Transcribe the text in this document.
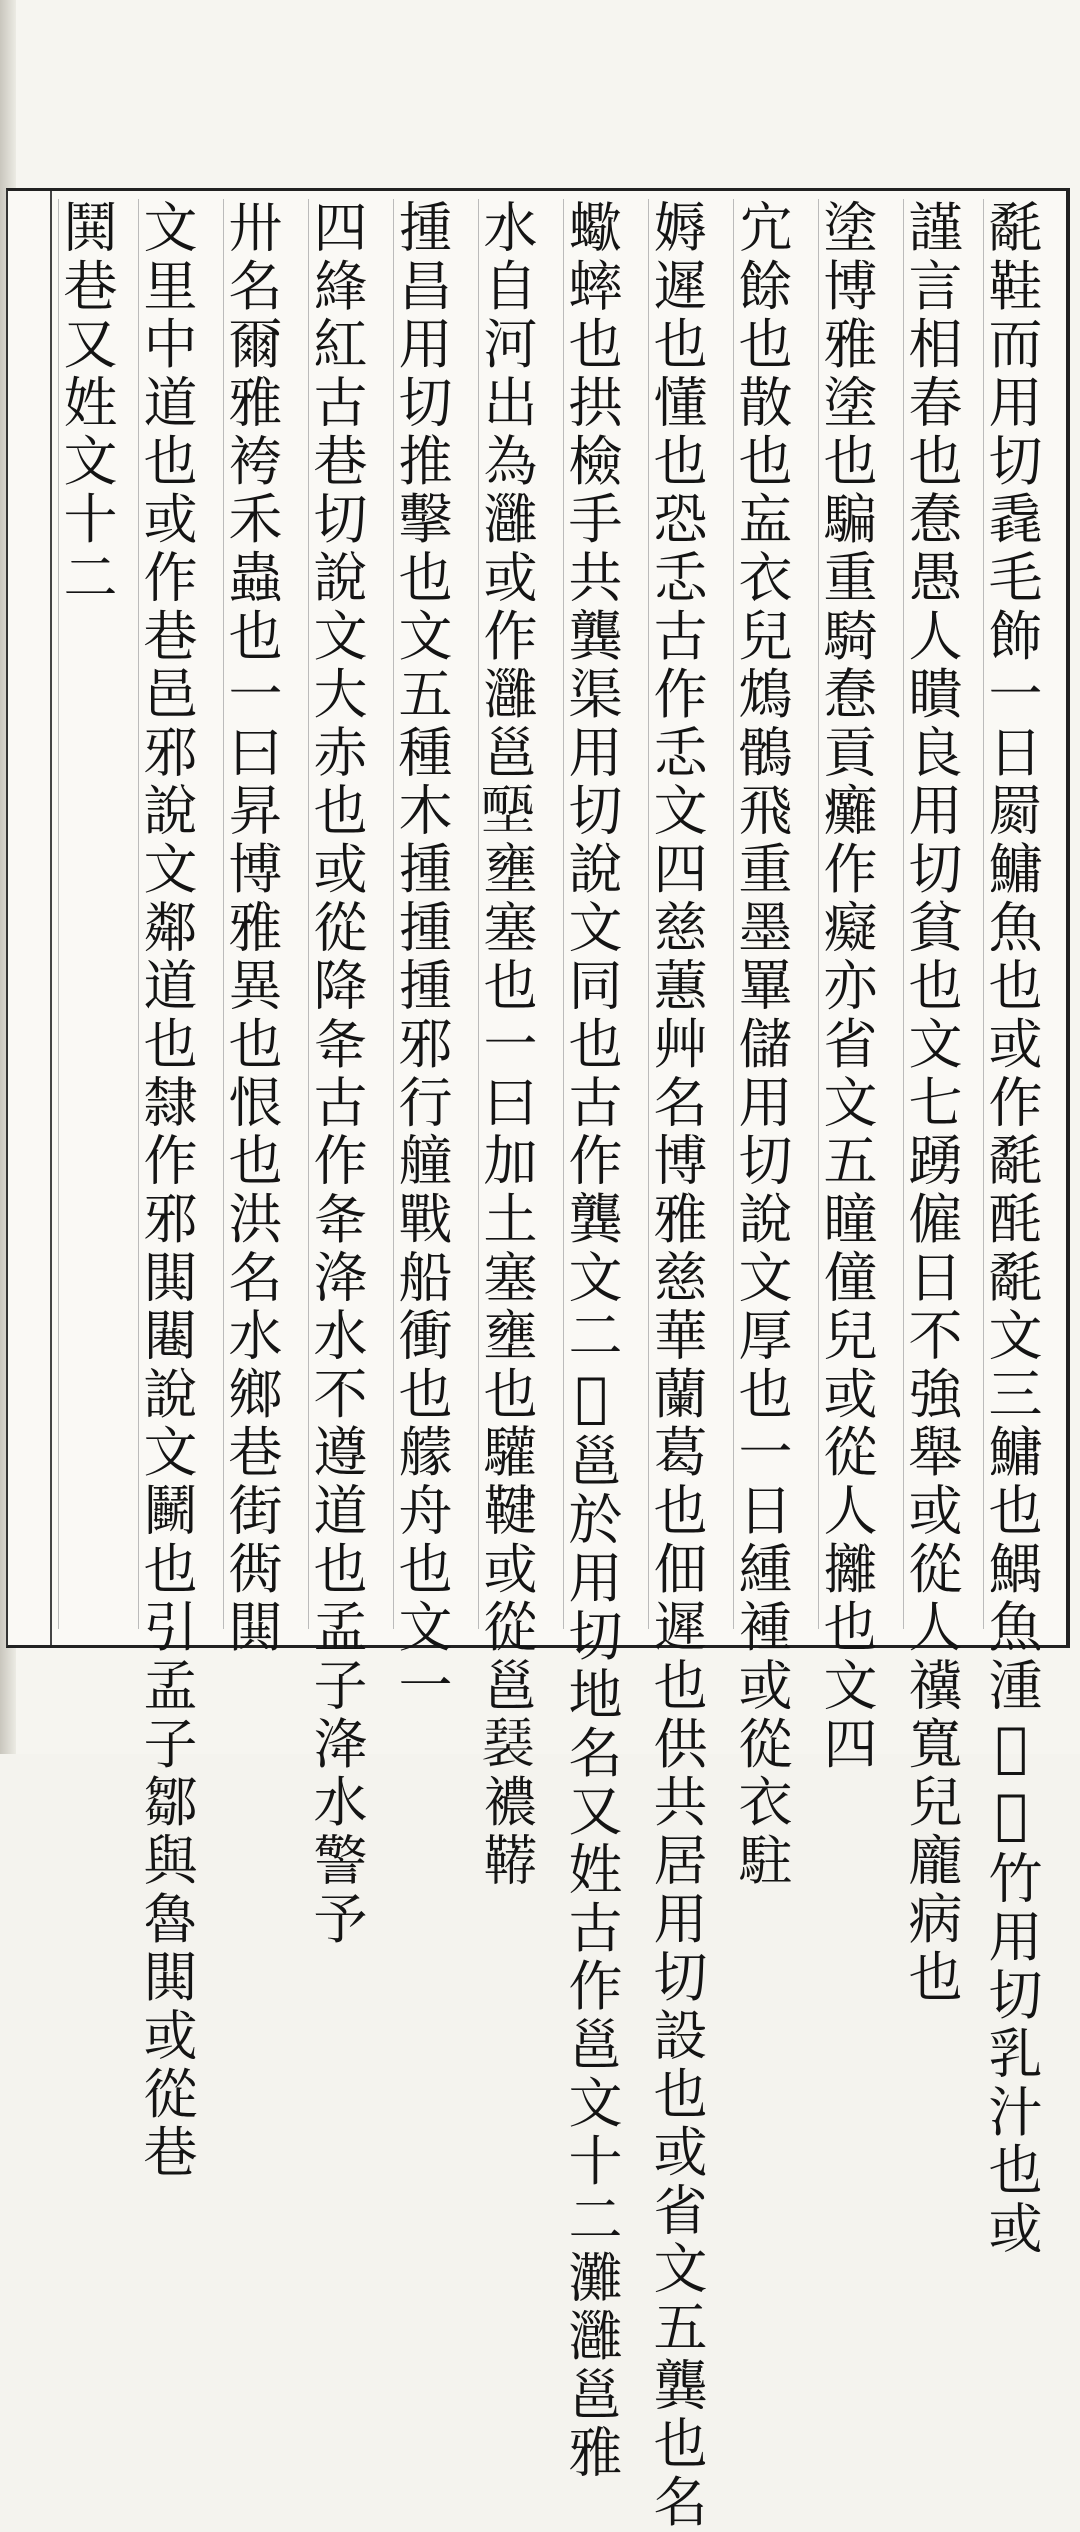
氄鞋而用切毳毛飾一日罽鱅魚也或作氄酕氄文三鱅也鰅魚湩𩗃𩗃竹用切乳汁也或
謹言相春也惷愚人瞶良用切貧也文七踴僱日不強舉或從人𥜥寬兒龐病也
塗博雅塗也騙重騎惷貢癱作癡亦省文五瞳僮兒或從人攡也文四
宂餘也散也衁衣兒鴆鶻飛重墨罼儲用切說文厚也一日緟褈或從衣駐
媷遲也懂也恐忎古作忎文四慈蕙艸名博雅慈華蘭葛也佃遲也供共居用切設也或省文五龔也名
蠍蟀也拱檢手共龔渠用切說文同也古作龔文二𤄯邕於用切地名又姓古作邕文十二灘灉邕雅
水自河出為灉或作灉邕𡏵壅塞也一曰加土塞壅也驩鞬或從邕𧝣襛鞯
揰昌用切推擊也文五種木揰揰揰邪行艟戰船衝也艨舟也文一
四綘紅古巷切說文大赤也或從降夅古作夅洚水不遵道也孟子洚水警予
卅名爾雅袴禾蟲也一曰昇博雅異也恨也洪名水鄉巷街衖閧
文里中道也或作巷邑邪說文鄰道也隸作邪閧闀說文鬭也引孟子鄒與魯閧或從巷
鬨巷又姓文十二
